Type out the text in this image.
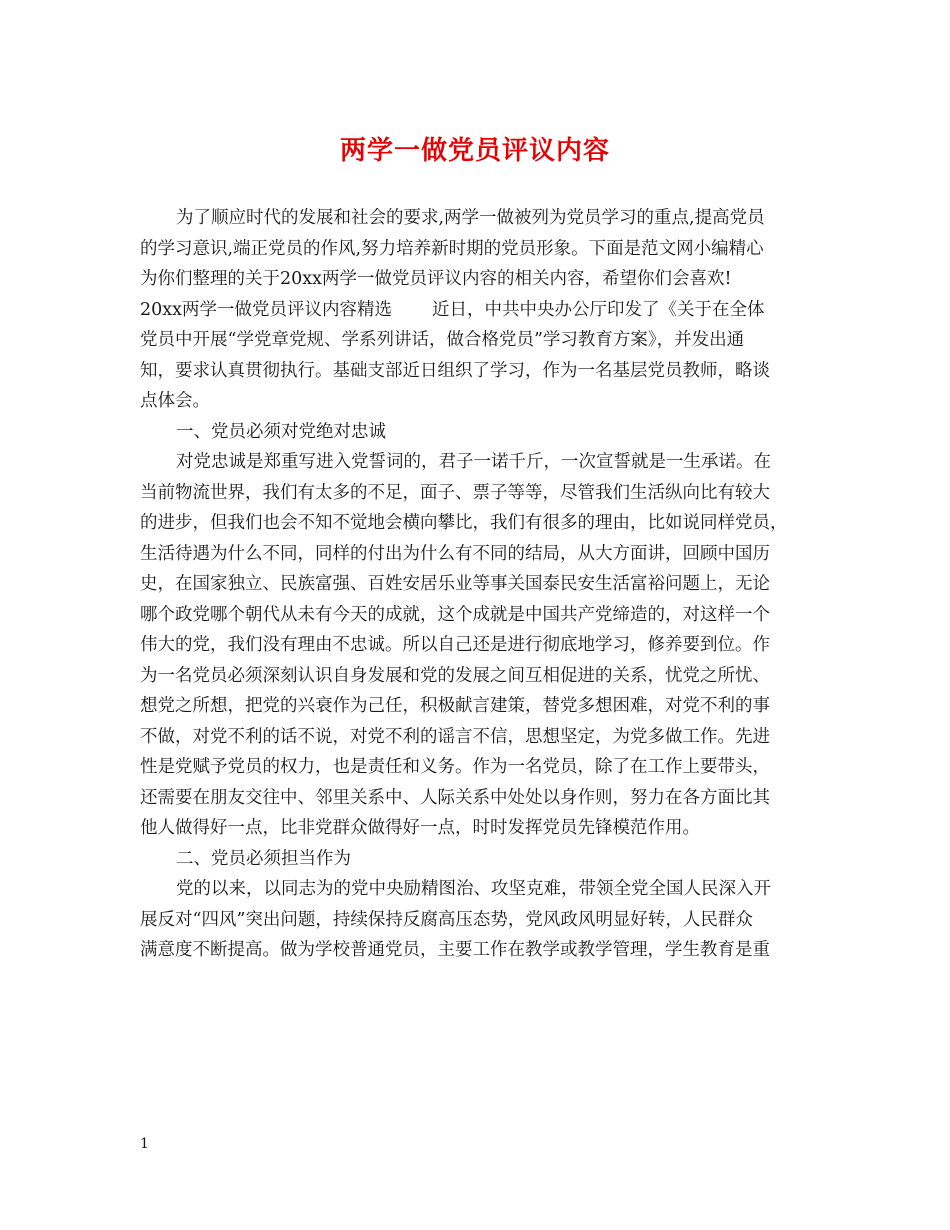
两学一做党员评议内容
为了顺应时代的发展和社会的要求,两学一做被列为党员学习的重点,提高党员
的学习意识,端正党员的作风,努力培养新时期的党员形象。下面是范文网小编精心
为你们整理的关于20xx两学一做党员评议内容的相关内容，希望你们会喜欢!
20xx两学一做党员评议内容精选 近日，中共中央办公厅印发了《关于在全体
党员中开展“学党章党规、学系列讲话，做合格党员”学习教育方案》，并发出通
知，要求认真贯彻执行。基础支部近日组织了学习，作为一名基层党员教师，略谈
点体会。
一、党员必须对党绝对忠诚
对党忠诚是郑重写进入党誓词的，君子一诺千斤，一次宣誓就是一生承诺。在
当前物流世界，我们有太多的不足，面子、票子等等，尽管我们生活纵向比有较大
的进步，但我们也会不知不觉地会横向攀比，我们有很多的理由，比如说同样党员，
生活待遇为什么不同，同样的付出为什么有不同的结局，从大方面讲，回顾中国历
史，在国家独立、民族富强、百姓安居乐业等事关国泰民安生活富裕问题上，无论
哪个政党哪个朝代从未有今天的成就，这个成就是中国共产党缔造的，对这样一个
伟大的党，我们没有理由不忠诚。所以自己还是进行彻底地学习，修养要到位。作
为一名党员必须深刻认识自身发展和党的发展之间互相促进的关系，忧党之所忧、
想党之所想，把党的兴衰作为己任，积极献言建策，替党多想困难，对党不利的事
不做，对党不利的话不说，对党不利的谣言不信，思想坚定，为党多做工作。先进
性是党赋予党员的权力，也是责任和义务。作为一名党员，除了在工作上要带头，
还需要在朋友交往中、邻里关系中、人际关系中处处以身作则，努力在各方面比其
他人做得好一点，比非党群众做得好一点，时时发挥党员先锋模范作用。
二、党员必须担当作为
党的以来，以同志为的党中央励精图治、攻坚克难，带领全党全国人民深入开
展反对“四风”突出问题，持续保持反腐高压态势，党风政风明显好转，人民群众
满意度不断提高。做为学校普通党员，主要工作在教学或教学管理，学生教育是重
1
